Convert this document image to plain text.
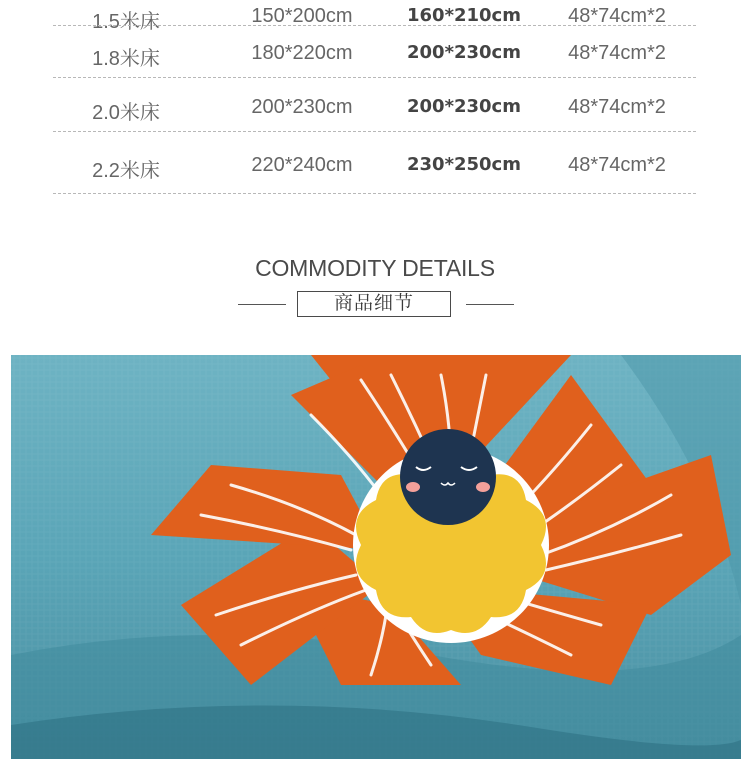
1.5米床	150*200cm	160*210cm	48*74cm*2
1.8米床	180*220cm	200*230cm	48*74cm*2
2.0米床	200*230cm	200*230cm	48*74cm*2
2.2米床	220*240cm	230*250cm	48*74cm*2
COMMODITY DETAILS
商品细节
